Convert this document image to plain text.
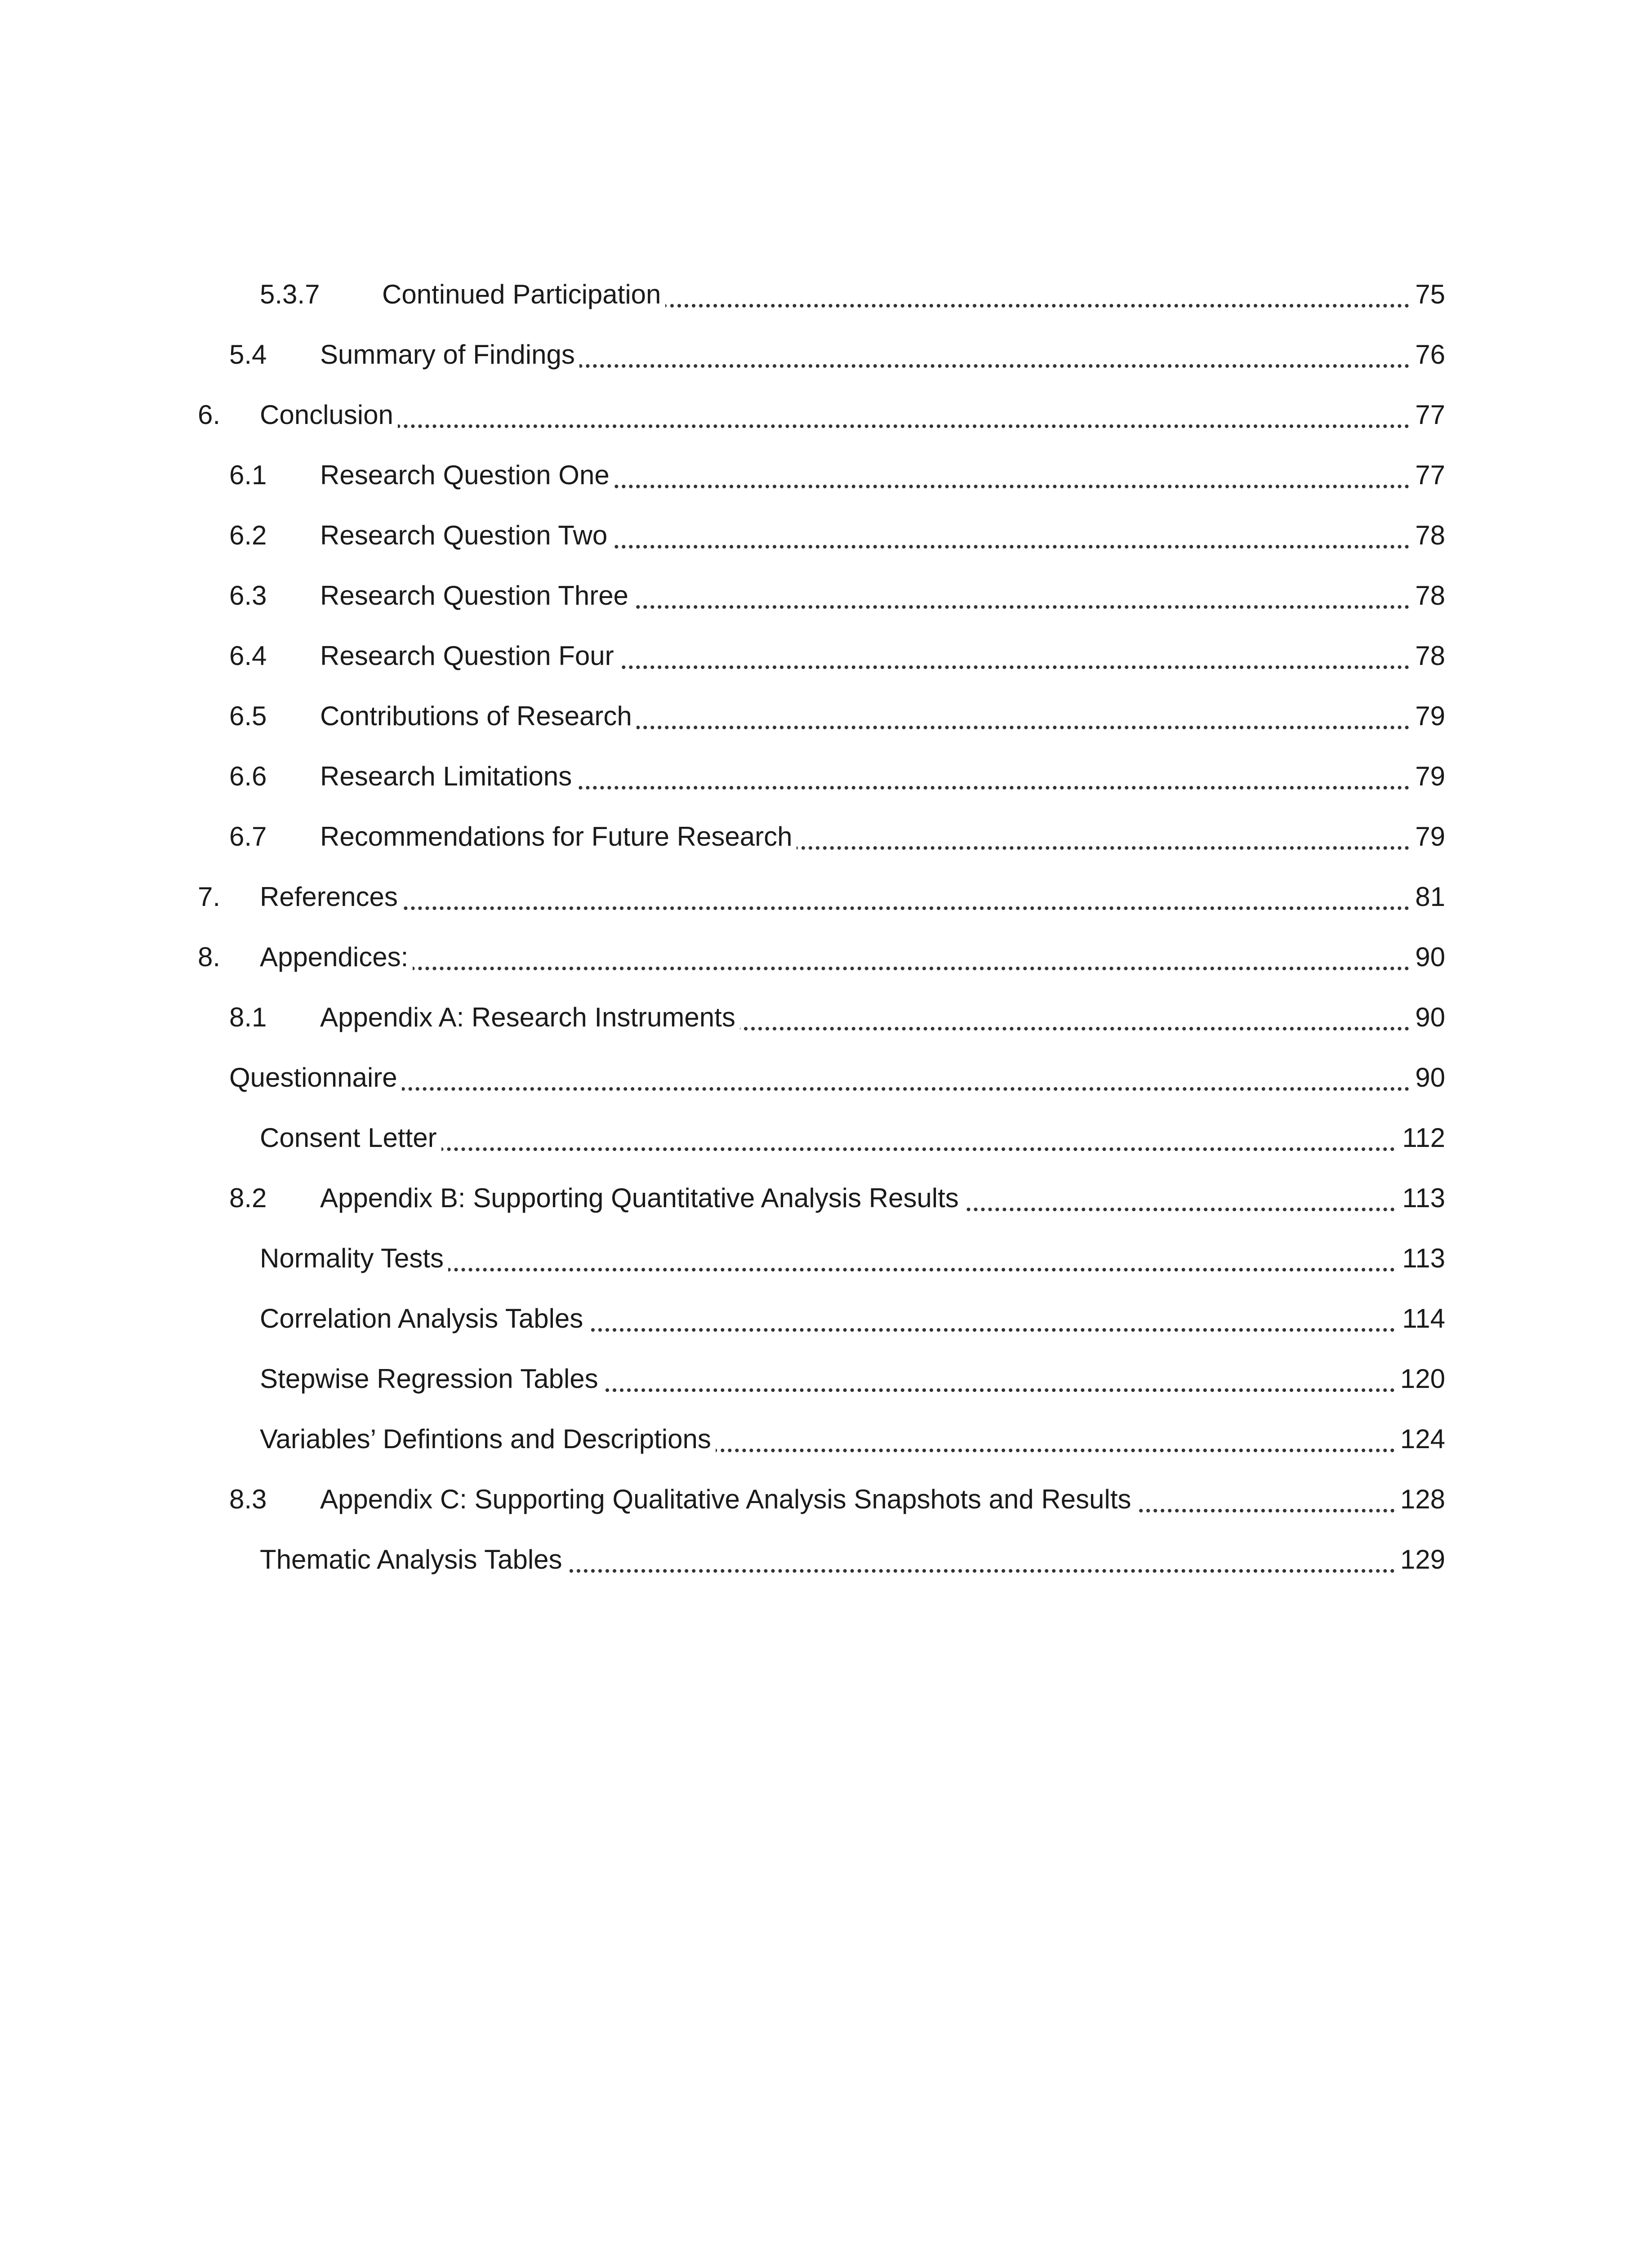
5.3.7 Continued Participation	75
5.4 Summary of Findings	76
6. Conclusion	77
6.1 Research Question One	77
6.2 Research Question Two	78
6.3 Research Question Three	78
6.4 Research Question Four	78
6.5 Contributions of Research	79
6.6 Research Limitations	79
6.7 Recommendations for Future Research	79
7. References	81
8. Appendices:	90
8.1 Appendix A: Research Instruments	90
Questionnaire	90
Consent Letter	112
8.2 Appendix B: Supporting Quantitative Analysis Results	113
Normality Tests	113
Correlation Analysis Tables	114
Stepwise Regression Tables	120
Variables’ Defintions and Descriptions	124
8.3 Appendix C: Supporting Qualitative Analysis Snapshots and Results	128
Thematic Analysis Tables	129
